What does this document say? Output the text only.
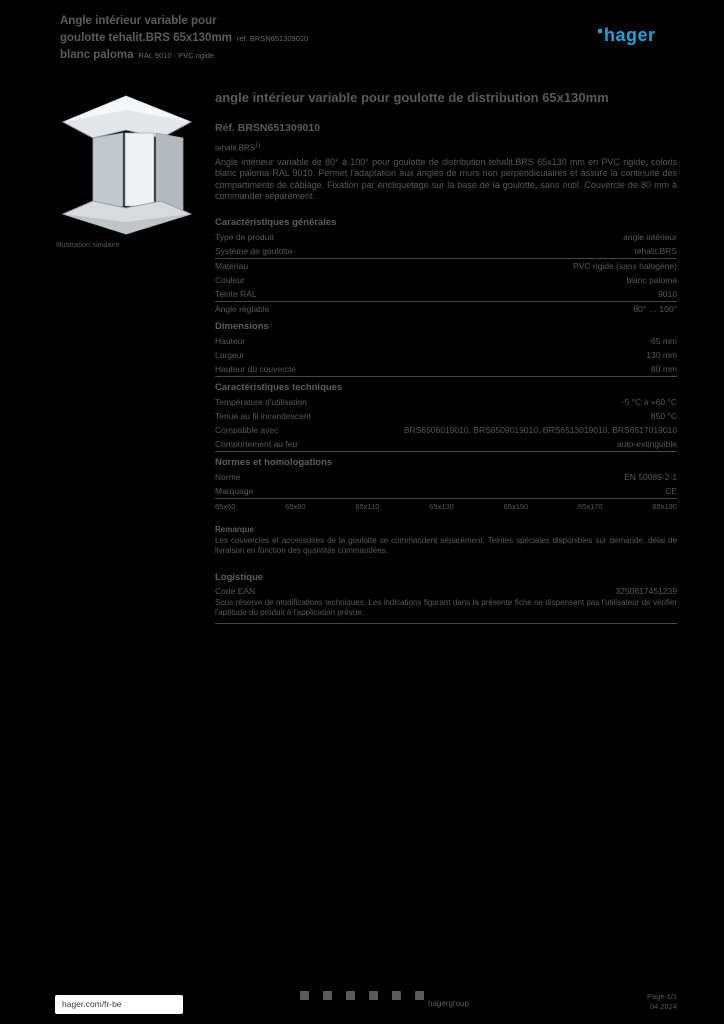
Angle intérieur variable pour
goulotte tehalit.BRS 65x130mm réf. BRSN651309010
blanc paloma RAL 9010 · PVC rigide
hager
Illustration similaire
angle intérieur variable pour goulotte de distribution 65x130mm
Réf. BRSN651309010
tehalit.BRS$^{1)}$
Angle intérieur variable de 80° à 100° pour goulotte de distribution tehalit.BRS 65x130 mm en PVC rigide, coloris blanc paloma RAL 9010. Permet l'adaptation aux angles de murs non perpendiculaires et assure la continuité des compartiments de câblage. Fixation par encliquetage sur la base de la goulotte, sans outil. Couvercle de 80 mm à commander séparément.
Caractéristiques générales
Type de produit	angle intérieur
Système de goulotte	tehalit.BRS
Matériau	PVC rigide (sans halogène)
Couleur	blanc paloma
Teinte RAL	9010
Angle réglable	80° … 100°
Dimensions
Hauteur	65 mm
Largeur	130 mm
Hauteur du couvercle	80 mm
Caractéristiques techniques
Température d'utilisation	-5 °C à +60 °C
Tenue au fil incandescent	850 °C
Compatible avec	BRS6506019010, BRS6509019010, BRS6513019010, BRS6517019010
Comportement au feu	auto-extinguible
Normes et homologations
Norme	EN 50085-2-1
Marquage	CE
65x60	65x90	65x110	65x130	65x150	65x170	65x190
Remarque
Les couvercles et accessoires de la goulotte se commandent séparément. Teintes spéciales disponibles sur demande, délai de livraison en fonction des quantités commandées.
Logistique
Code EAN	3250617451239
Sous réserve de modifications techniques. Les indications figurant dans la présente fiche ne dispensent pas l'utilisateur de vérifier l'aptitude du produit à l'application prévue.
hager.com/fr-be	hagergroup
Page 1/1
04.2024
